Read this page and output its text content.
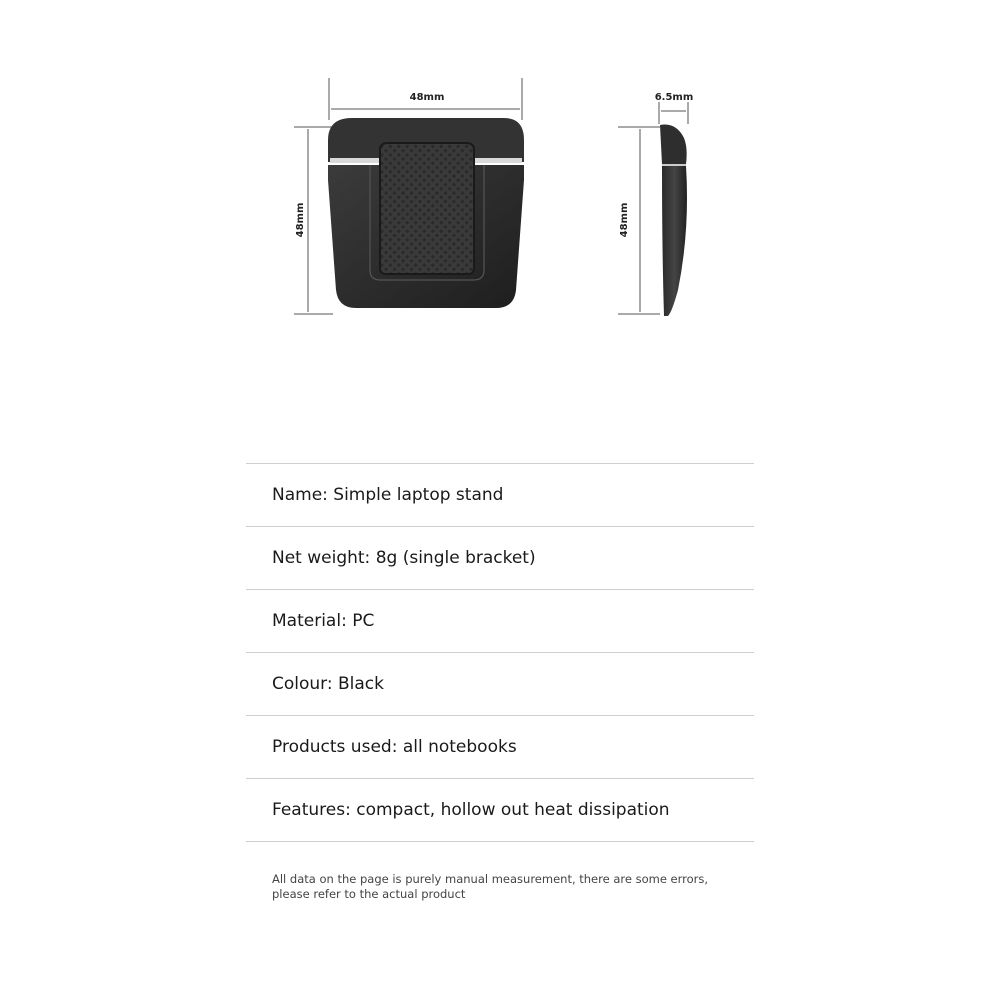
48mm
48mm
6.5mm
48mm
Name: Simple laptop stand
Net weight: 8g (single bracket)
Material: PC
Colour: Black
Products used: all notebooks
Features: compact, hollow out heat dissipation
All data on the page is purely manual measurement, there are some errors,
please refer to the actual product
